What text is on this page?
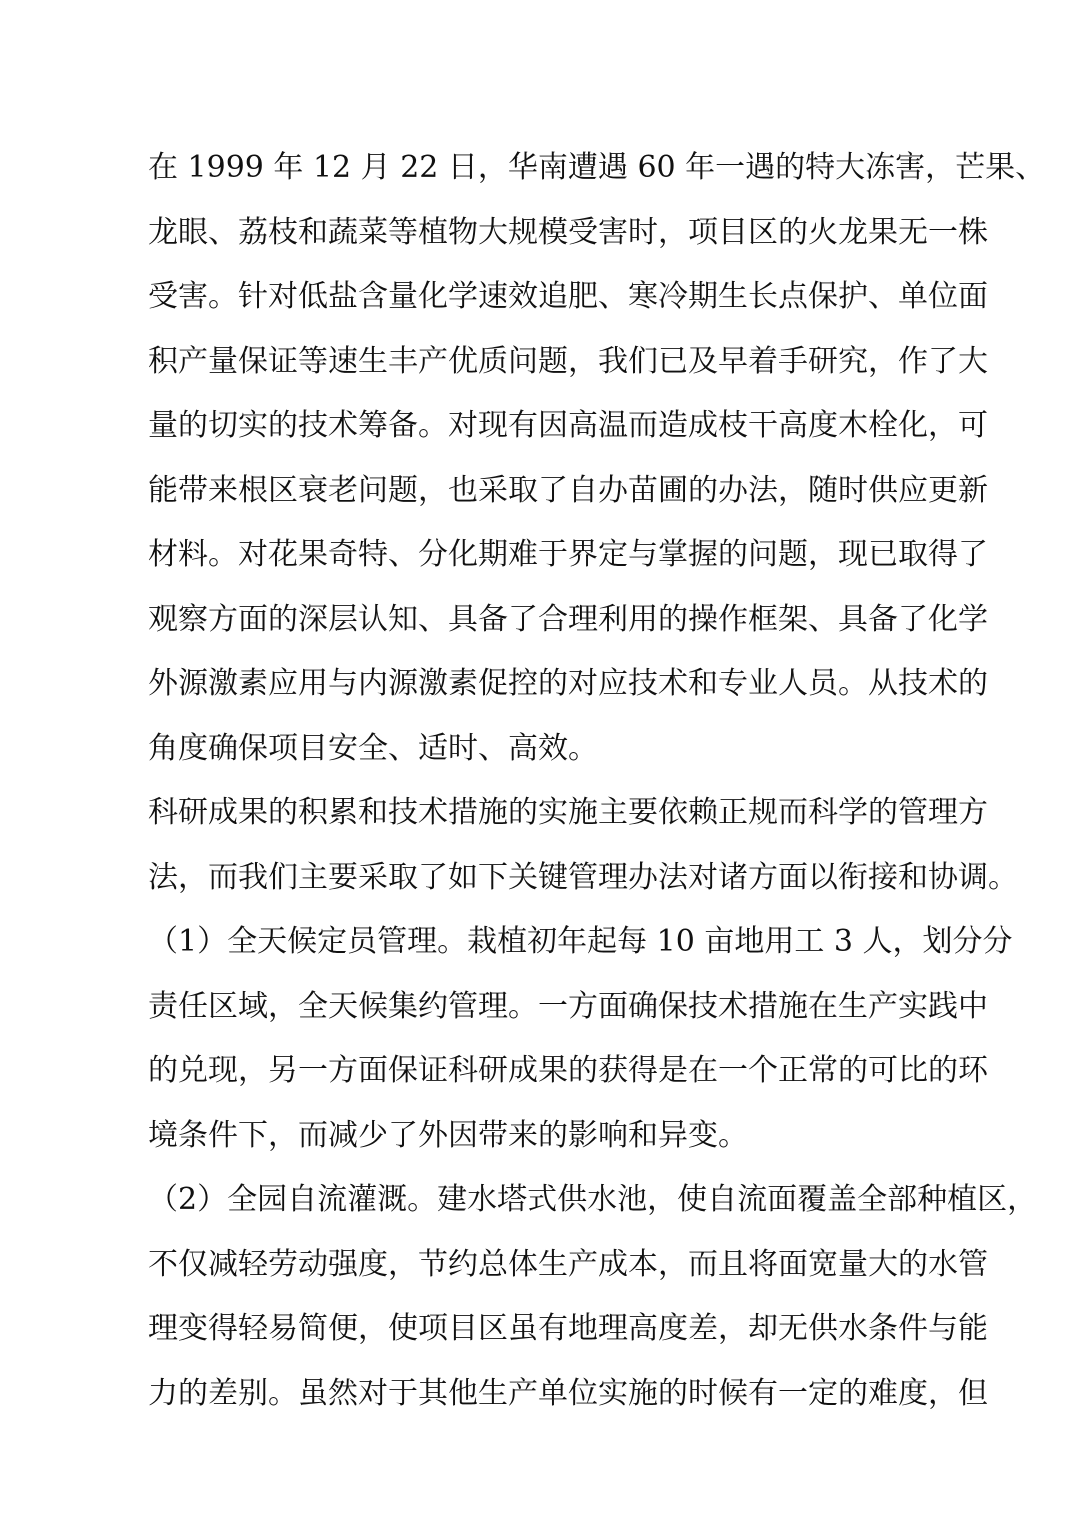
在 1999 年 12 月 22 日，华南遭遇 60 年一遇的特大冻害，芒果、
龙眼、荔枝和蔬菜等植物大规模受害时，项目区的火龙果无一株
受害。针对低盐含量化学速效追肥、寒冷期生长点保护、单位面
积产量保证等速生丰产优质问题，我们已及早着手研究，作了大
量的切实的技术筹备。对现有因高温而造成枝干高度木栓化，可
能带来根区衰老问题，也采取了自办苗圃的办法，随时供应更新
材料。对花果奇特、分化期难于界定与掌握的问题，现已取得了
观察方面的深层认知、具备了合理利用的操作框架、具备了化学
外源激素应用与内源激素促控的对应技术和专业人员。从技术的
角度确保项目安全、适时、高效。
科研成果的积累和技术措施的实施主要依赖正规而科学的管理方
法，而我们主要采取了如下关键管理办法对诸方面以衔接和协调。
（1）全天候定员管理。栽植初年起每 10 亩地用工 3 人，划分分
责任区域，全天候集约管理。一方面确保技术措施在生产实践中
的兑现，另一方面保证科研成果的获得是在一个正常的可比的环
境条件下，而减少了外因带来的影响和异变。
（2）全园自流灌溉。建水塔式供水池，使自流面覆盖全部种植区，
不仅减轻劳动强度，节约总体生产成本，而且将面宽量大的水管
理变得轻易简便，使项目区虽有地理高度差，却无供水条件与能
力的差别。虽然对于其他生产单位实施的时候有一定的难度，但
